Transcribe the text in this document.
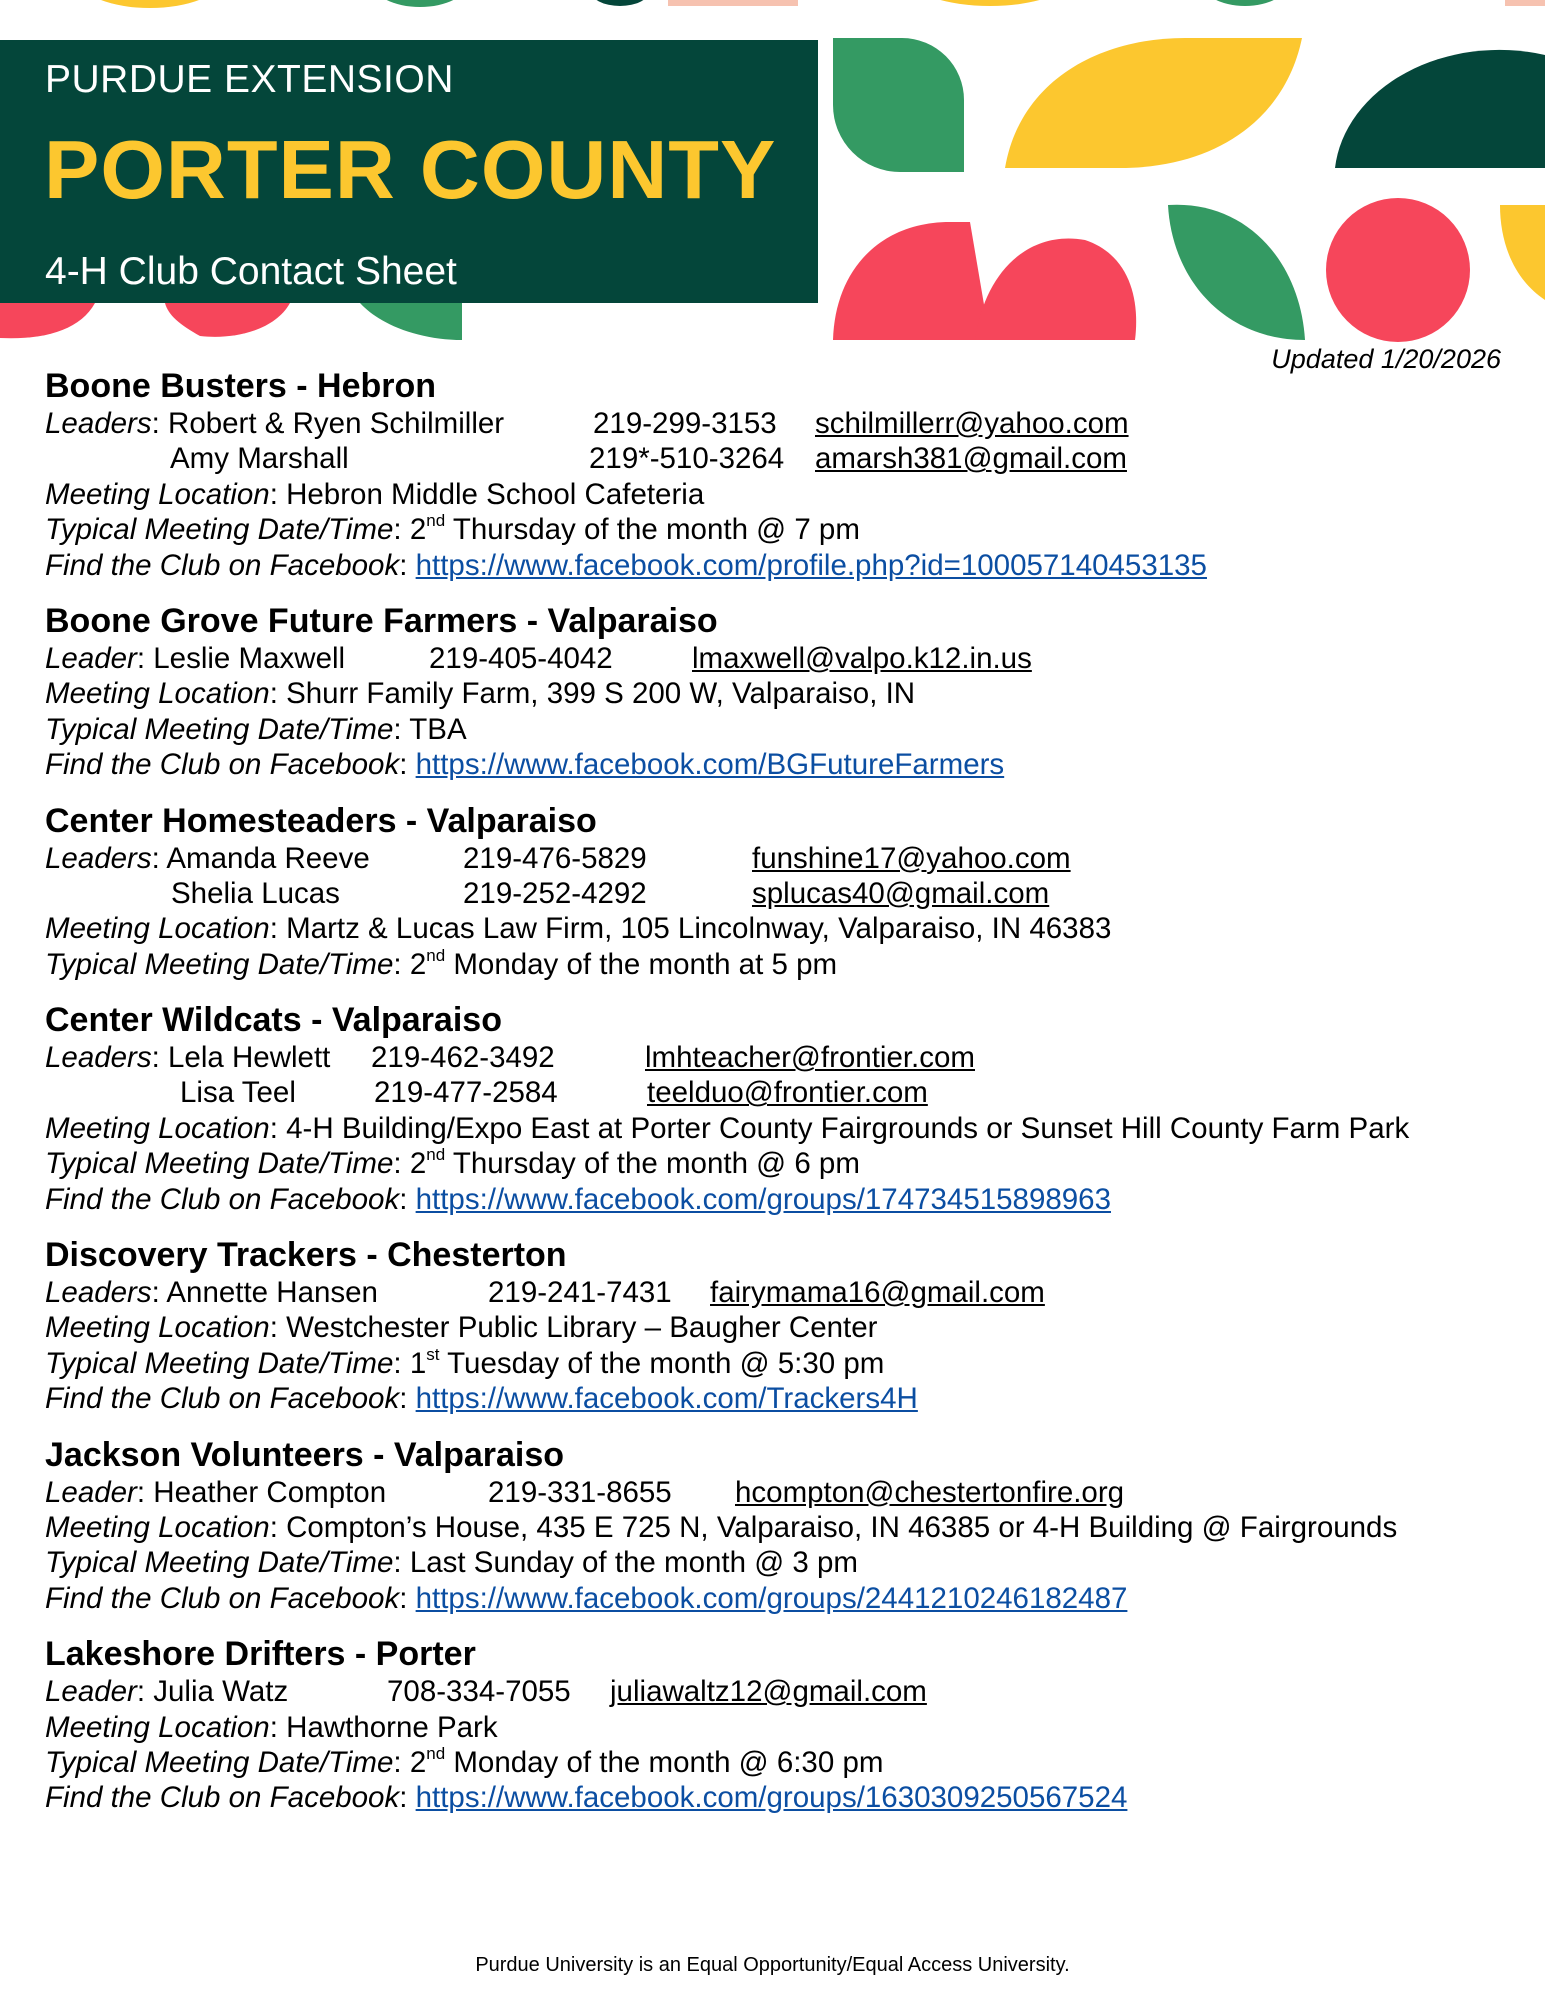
PURDUE EXTENSION
PORTER COUNTY
4-H Club Contact Sheet
Updated 1/20/2026
Boone Busters - Hebron
Leaders: Robert & Ryen Schilmiller	219-299-3153 schilmillerr@yahoo.com
Amy Marshall	219*-510-3264 amarsh381@gmail.com
Meeting Location: Hebron Middle School Cafeteria
Typical Meeting Date/Time: 2nd Thursday of the month @ 7 pm
Find the Club on Facebook: https://www.facebook.com/profile.php?id=100057140453135
Boone Grove Future Farmers - Valparaiso
Leader: Leslie Maxwell	219-405-4042	lmaxwell@valpo.k12.in.us
Meeting Location: Shurr Family Farm, 399 S 200 W, Valparaiso, IN
Typical Meeting Date/Time: TBA
Find the Club on Facebook: https://www.facebook.com/BGFutureFarmers
Center Homesteaders - Valparaiso
Leaders: Amanda Reeve	219-476-5829	funshine17@yahoo.com
Shelia Lucas	219-252-4292	splucas40@gmail.com
Meeting Location: Martz & Lucas Law Firm, 105 Lincolnway, Valparaiso, IN 46383
Typical Meeting Date/Time: 2nd Monday of the month at 5 pm
Center Wildcats - Valparaiso
Leaders: Lela Hewlett 219-462-3492	lmhteacher@frontier.com
Lisa Teel	219-477-2584	teelduo@frontier.com
Meeting Location: 4-H Building/Expo East at Porter County Fairgrounds or Sunset Hill County Farm Park
Typical Meeting Date/Time: 2nd Thursday of the month @ 6 pm
Find the Club on Facebook: https://www.facebook.com/groups/174734515898963
Discovery Trackers - Chesterton
Leaders: Annette Hansen	219-241-7431 fairymama16@gmail.com
Meeting Location: Westchester Public Library – Baugher Center
Typical Meeting Date/Time: 1st Tuesday of the month @ 5:30 pm
Find the Club on Facebook: https://www.facebook.com/Trackers4H
Jackson Volunteers - Valparaiso
Leader: Heather Compton	219-331-8655 hcompton@chestertonfire.org
Meeting Location: Compton’s House, 435 E 725 N, Valparaiso, IN 46385 or 4-H Building @ Fairgrounds
Typical Meeting Date/Time: Last Sunday of the month @ 3 pm
Find the Club on Facebook: https://www.facebook.com/groups/2441210246182487
Lakeshore Drifters - Porter
Leader: Julia Watz	708-334-7055 juliawaltz12@gmail.com
Meeting Location: Hawthorne Park
Typical Meeting Date/Time: 2nd Monday of the month @ 6:30 pm
Find the Club on Facebook: https://www.facebook.com/groups/1630309250567524
Purdue University is an Equal Opportunity/Equal Access University.
